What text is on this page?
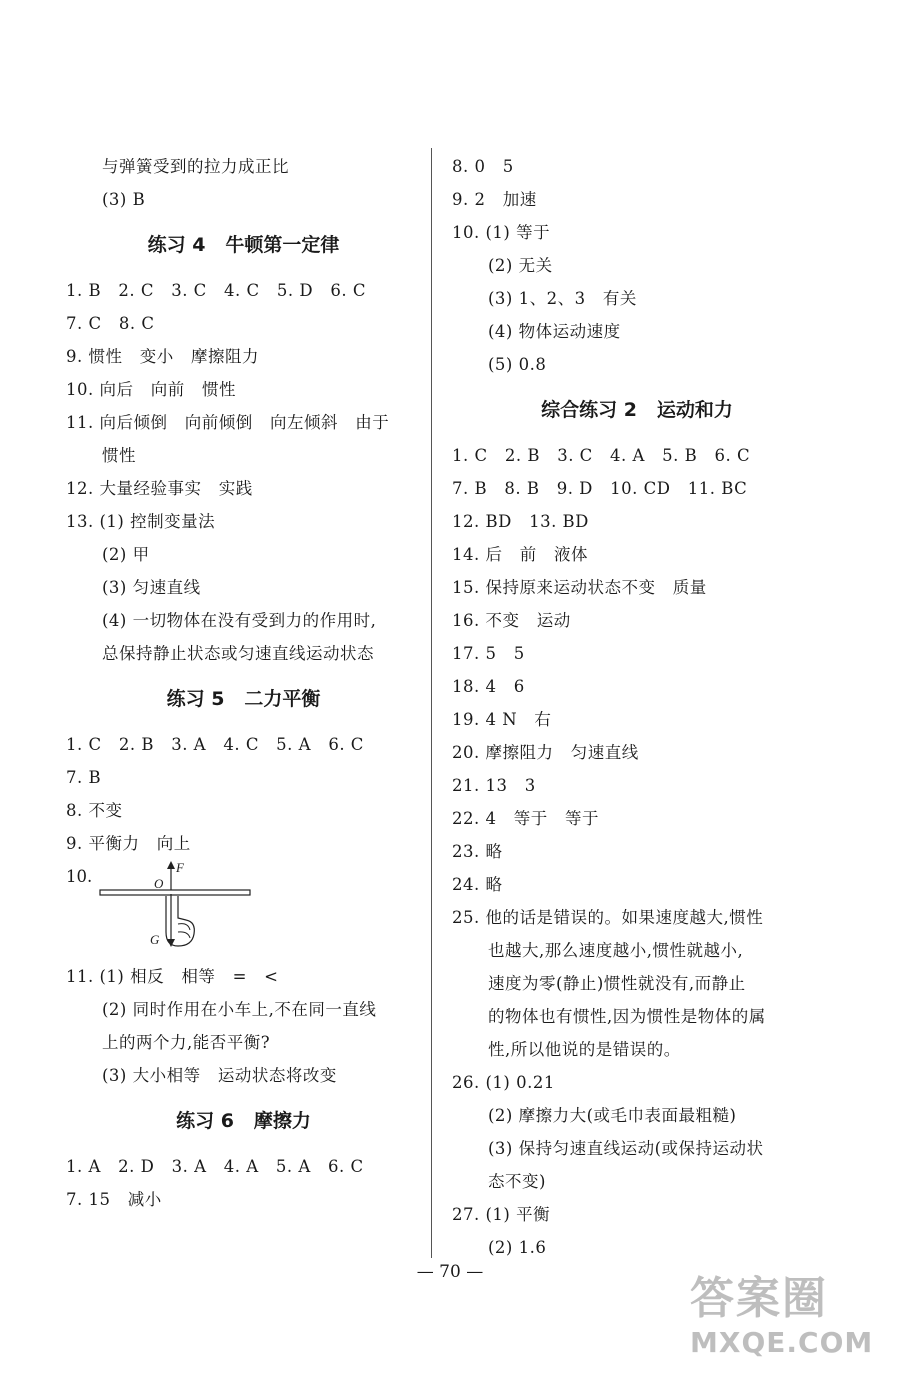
与弹簧受到的拉力成正比
(3) B
练习 4   牛顿第一定律
1. B   2. C   3. C   4. C   5. D   6. C
7. C   8. C
9. 惯性   变小   摩擦阻力
10. 向后   向前   惯性
11. 向后倾倒   向前倾倒   向左倾斜   由于
惯性
12. 大量经验事实   实践
13. (1) 控制变量法
(2) 甲
(3) 匀速直线
(4) 一切物体在没有受到力的作用时,
总保持静止状态或匀速直线运动状态
练习 5   二力平衡
1. C   2. B   3. A   4. C   5. A   6. C
7. B
8. 不变
9. 平衡力   向上
10.	F
O
G
11. (1) 相反   相等   =   <
(2) 同时作用在小车上,不在同一直线
上的两个力,能否平衡?
(3) 大小相等   运动状态将改变
练习 6   摩擦力
1. A   2. D   3. A   4. A   5. A   6. C
7. 15   减小
8. 0   5
9. 2   加速
10. (1) 等于
(2) 无关
(3) 1、2、3   有关
(4) 物体运动速度
(5) 0.8
综合练习 2   运动和力
1. C   2. B   3. C   4. A   5. B   6. C
7. B   8. B   9. D   10. CD   11. BC
12. BD   13. BD
14. 后   前   液体
15. 保持原来运动状态不变   质量
16. 不变   运动
17. 5   5
18. 4   6
19. 4 N   右
20. 摩擦阻力   匀速直线
21. 13   3
22. 4   等于   等于
23. 略
24. 略
25. 他的话是错误的。如果速度越大,惯性
也越大,那么速度越小,惯性就越小,
速度为零(静止)惯性就没有,而静止
的物体也有惯性,因为惯性是物体的属
性,所以他说的是错误的。
26. (1) 0.21
(2) 摩擦力大(或毛巾表面最粗糙)
(3) 保持匀速直线运动(或保持运动状
态不变)
27. (1) 平衡
(2) 1.6
— 70 —
答案圈
MXQE.COM
